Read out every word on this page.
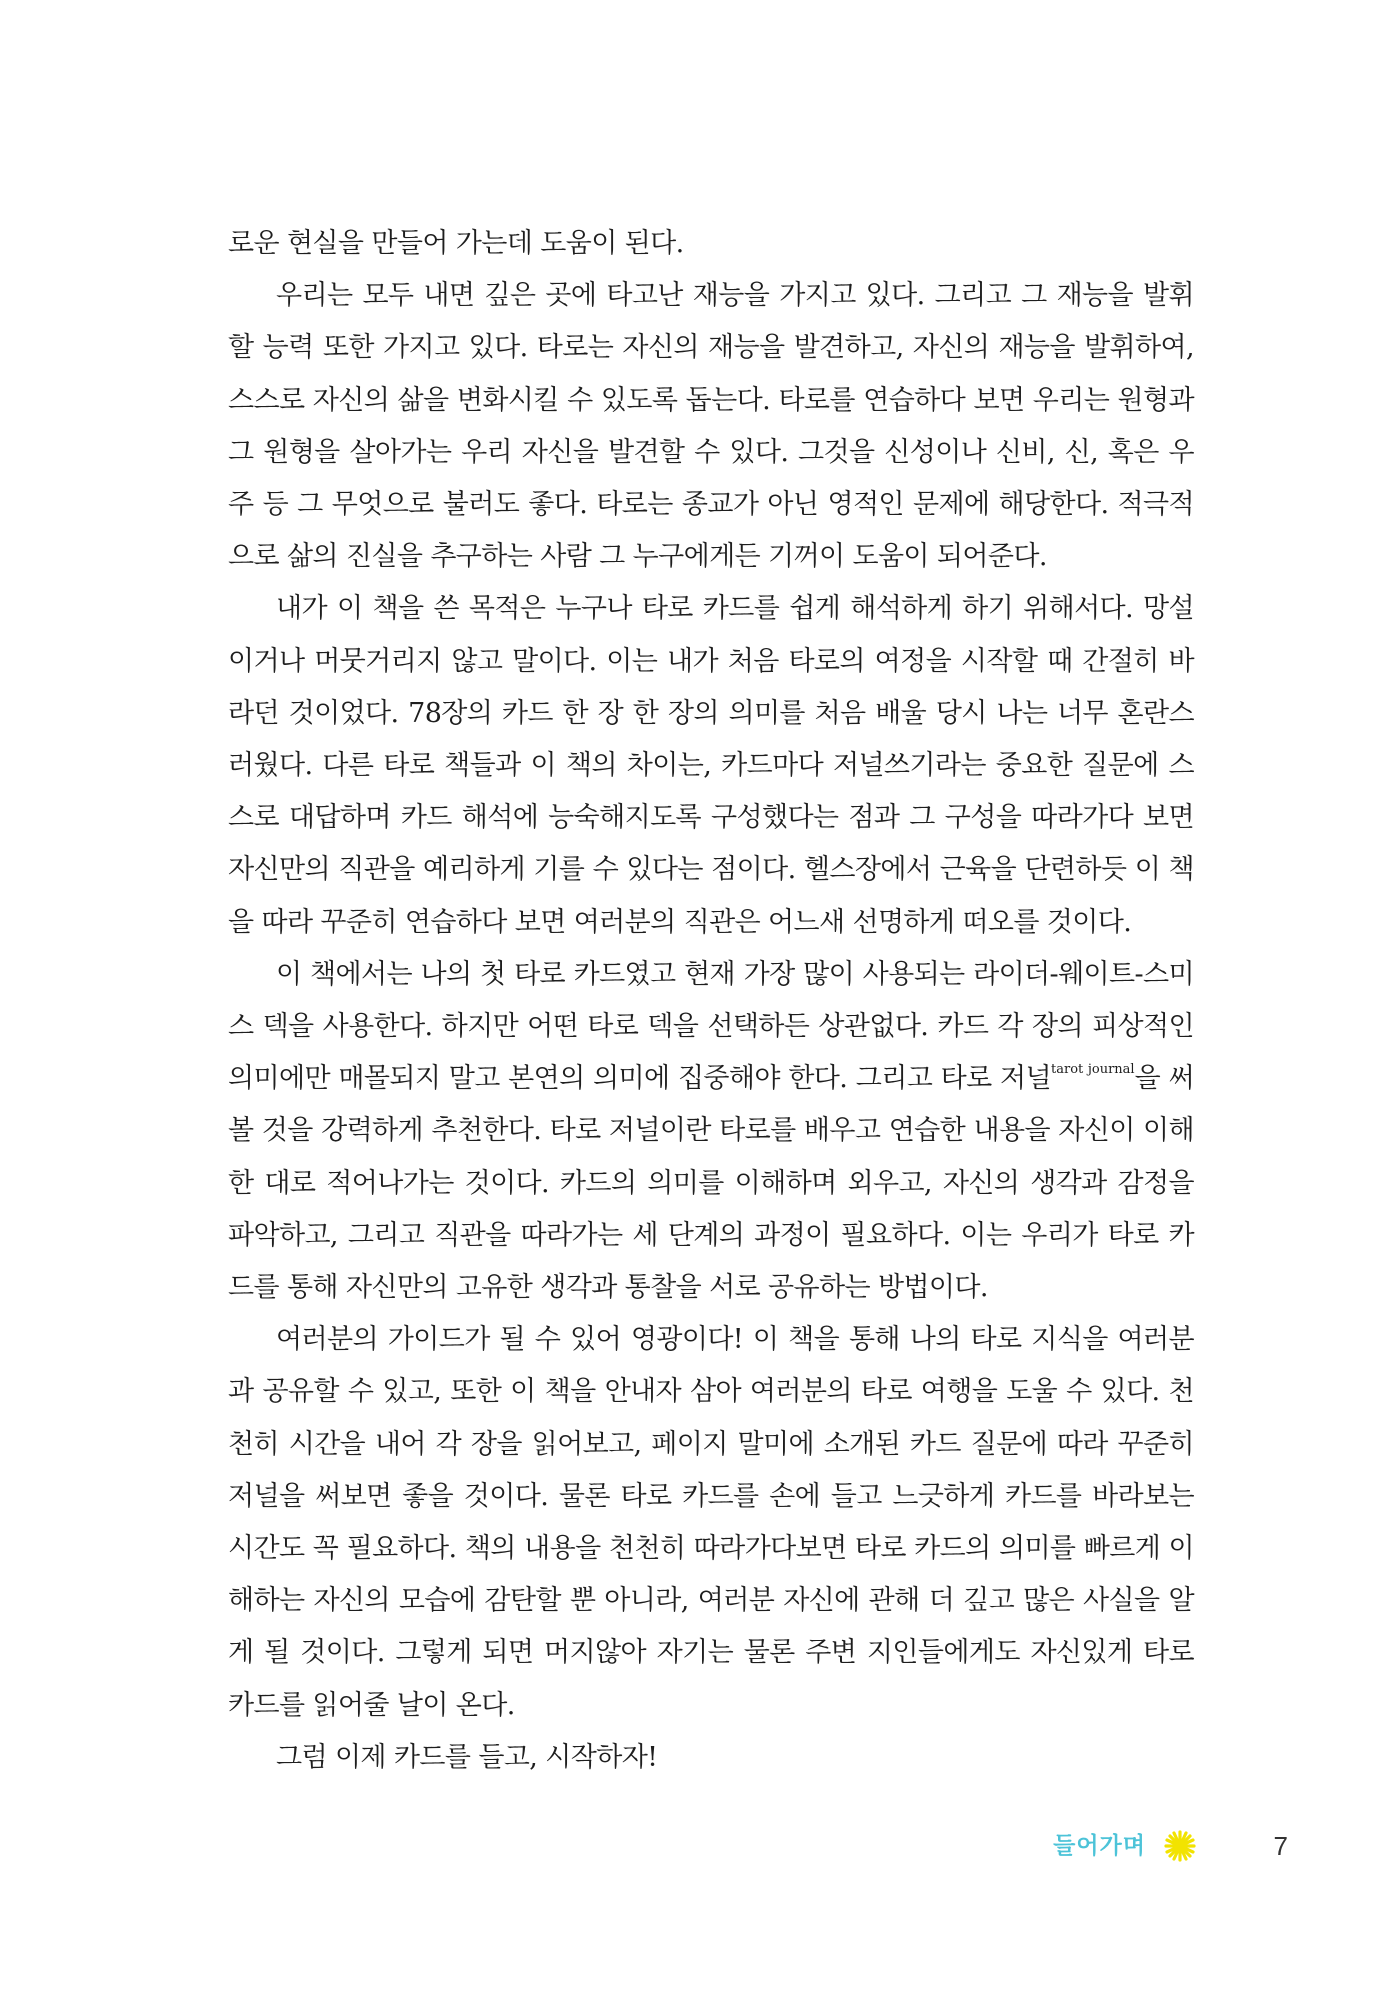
로운 현실을 만들어 가는데 도움이 된다.

우리는 모두 내면 깊은 곳에 타고난 재능을 가지고 있다. 그리고 그 재능을 발휘할 능력 또한 가지고 있다. 타로는 자신의 재능을 발견하고, 자신의 재능을 발휘하여, 스스로 자신의 삶을 변화시킬 수 있도록 돕는다. 타로를 연습하다 보면 우리는 원형과 그 원형을 살아가는 우리 자신을 발견할 수 있다. 그것을 신성이나 신비, 신, 혹은 우주 등 그 무엇으로 불러도 좋다. 타로는 종교가 아닌 영적인 문제에 해당한다. 적극적으로 삶의 진실을 추구하는 사람 그 누구에게든 기꺼이 도움이 되어준다.

내가 이 책을 쓴 목적은 누구나 타로 카드를 쉽게 해석하게 하기 위해서다. 망설이거나 머뭇거리지 않고 말이다. 이는 내가 처음 타로의 여정을 시작할 때 간절히 바라던 것이었다. 78장의 카드 한 장 한 장의 의미를 처음 배울 당시 나는 너무 혼란스러웠다. 다른 타로 책들과 이 책의 차이는, 카드마다 저널쓰기라는 중요한 질문에 스스로 대답하며 카드 해석에 능숙해지도록 구성했다는 점과 그 구성을 따라가다 보면 자신만의 직관을 예리하게 기를 수 있다는 점이다. 헬스장에서 근육을 단련하듯 이 책을 따라 꾸준히 연습하다 보면 여러분의 직관은 어느새 선명하게 떠오를 것이다.

이 책에서는 나의 첫 타로 카드였고 현재 가장 많이 사용되는 라이더-웨이트-스미스 덱을 사용한다. 하지만 어떤 타로 덱을 선택하든 상관없다. 카드 각 장의 피상적인 의미에만 매몰되지 말고 본연의 의미에 집중해야 한다. 그리고 타로 저널$^{tarot journal}$을 써볼 것을 강력하게 추천한다. 타로 저널이란 타로를 배우고 연습한 내용을 자신이 이해한 대로 적어나가는 것이다. 카드의 의미를 이해하며 외우고, 자신의 생각과 감정을 파악하고, 그리고 직관을 따라가는 세 단계의 과정이 필요하다. 이는 우리가 타로 카드를 통해 자신만의 고유한 생각과 통찰을 서로 공유하는 방법이다.

여러분의 가이드가 될 수 있어 영광이다! 이 책을 통해 나의 타로 지식을 여러분과 공유할 수 있고, 또한 이 책을 안내자 삼아 여러분의 타로 여행을 도울 수 있다. 천천히 시간을 내어 각 장을 읽어보고, 페이지 말미에 소개된 카드 질문에 따라 꾸준히 저널을 써보면 좋을 것이다. 물론 타로 카드를 손에 들고 느긋하게 카드를 바라보는 시간도 꼭 필요하다. 책의 내용을 천천히 따라가다보면 타로 카드의 의미를 빠르게 이해하는 자신의 모습에 감탄할 뿐 아니라, 여러분 자신에 관해 더 깊고 많은 사실을 알게 될 것이다. 그렇게 되면 머지않아 자기는 물론 주변 지인들에게도 자신있게 타로 카드를 읽어줄 날이 온다.

그럼 이제 카드를 들고, 시작하자!

들어가며	7
